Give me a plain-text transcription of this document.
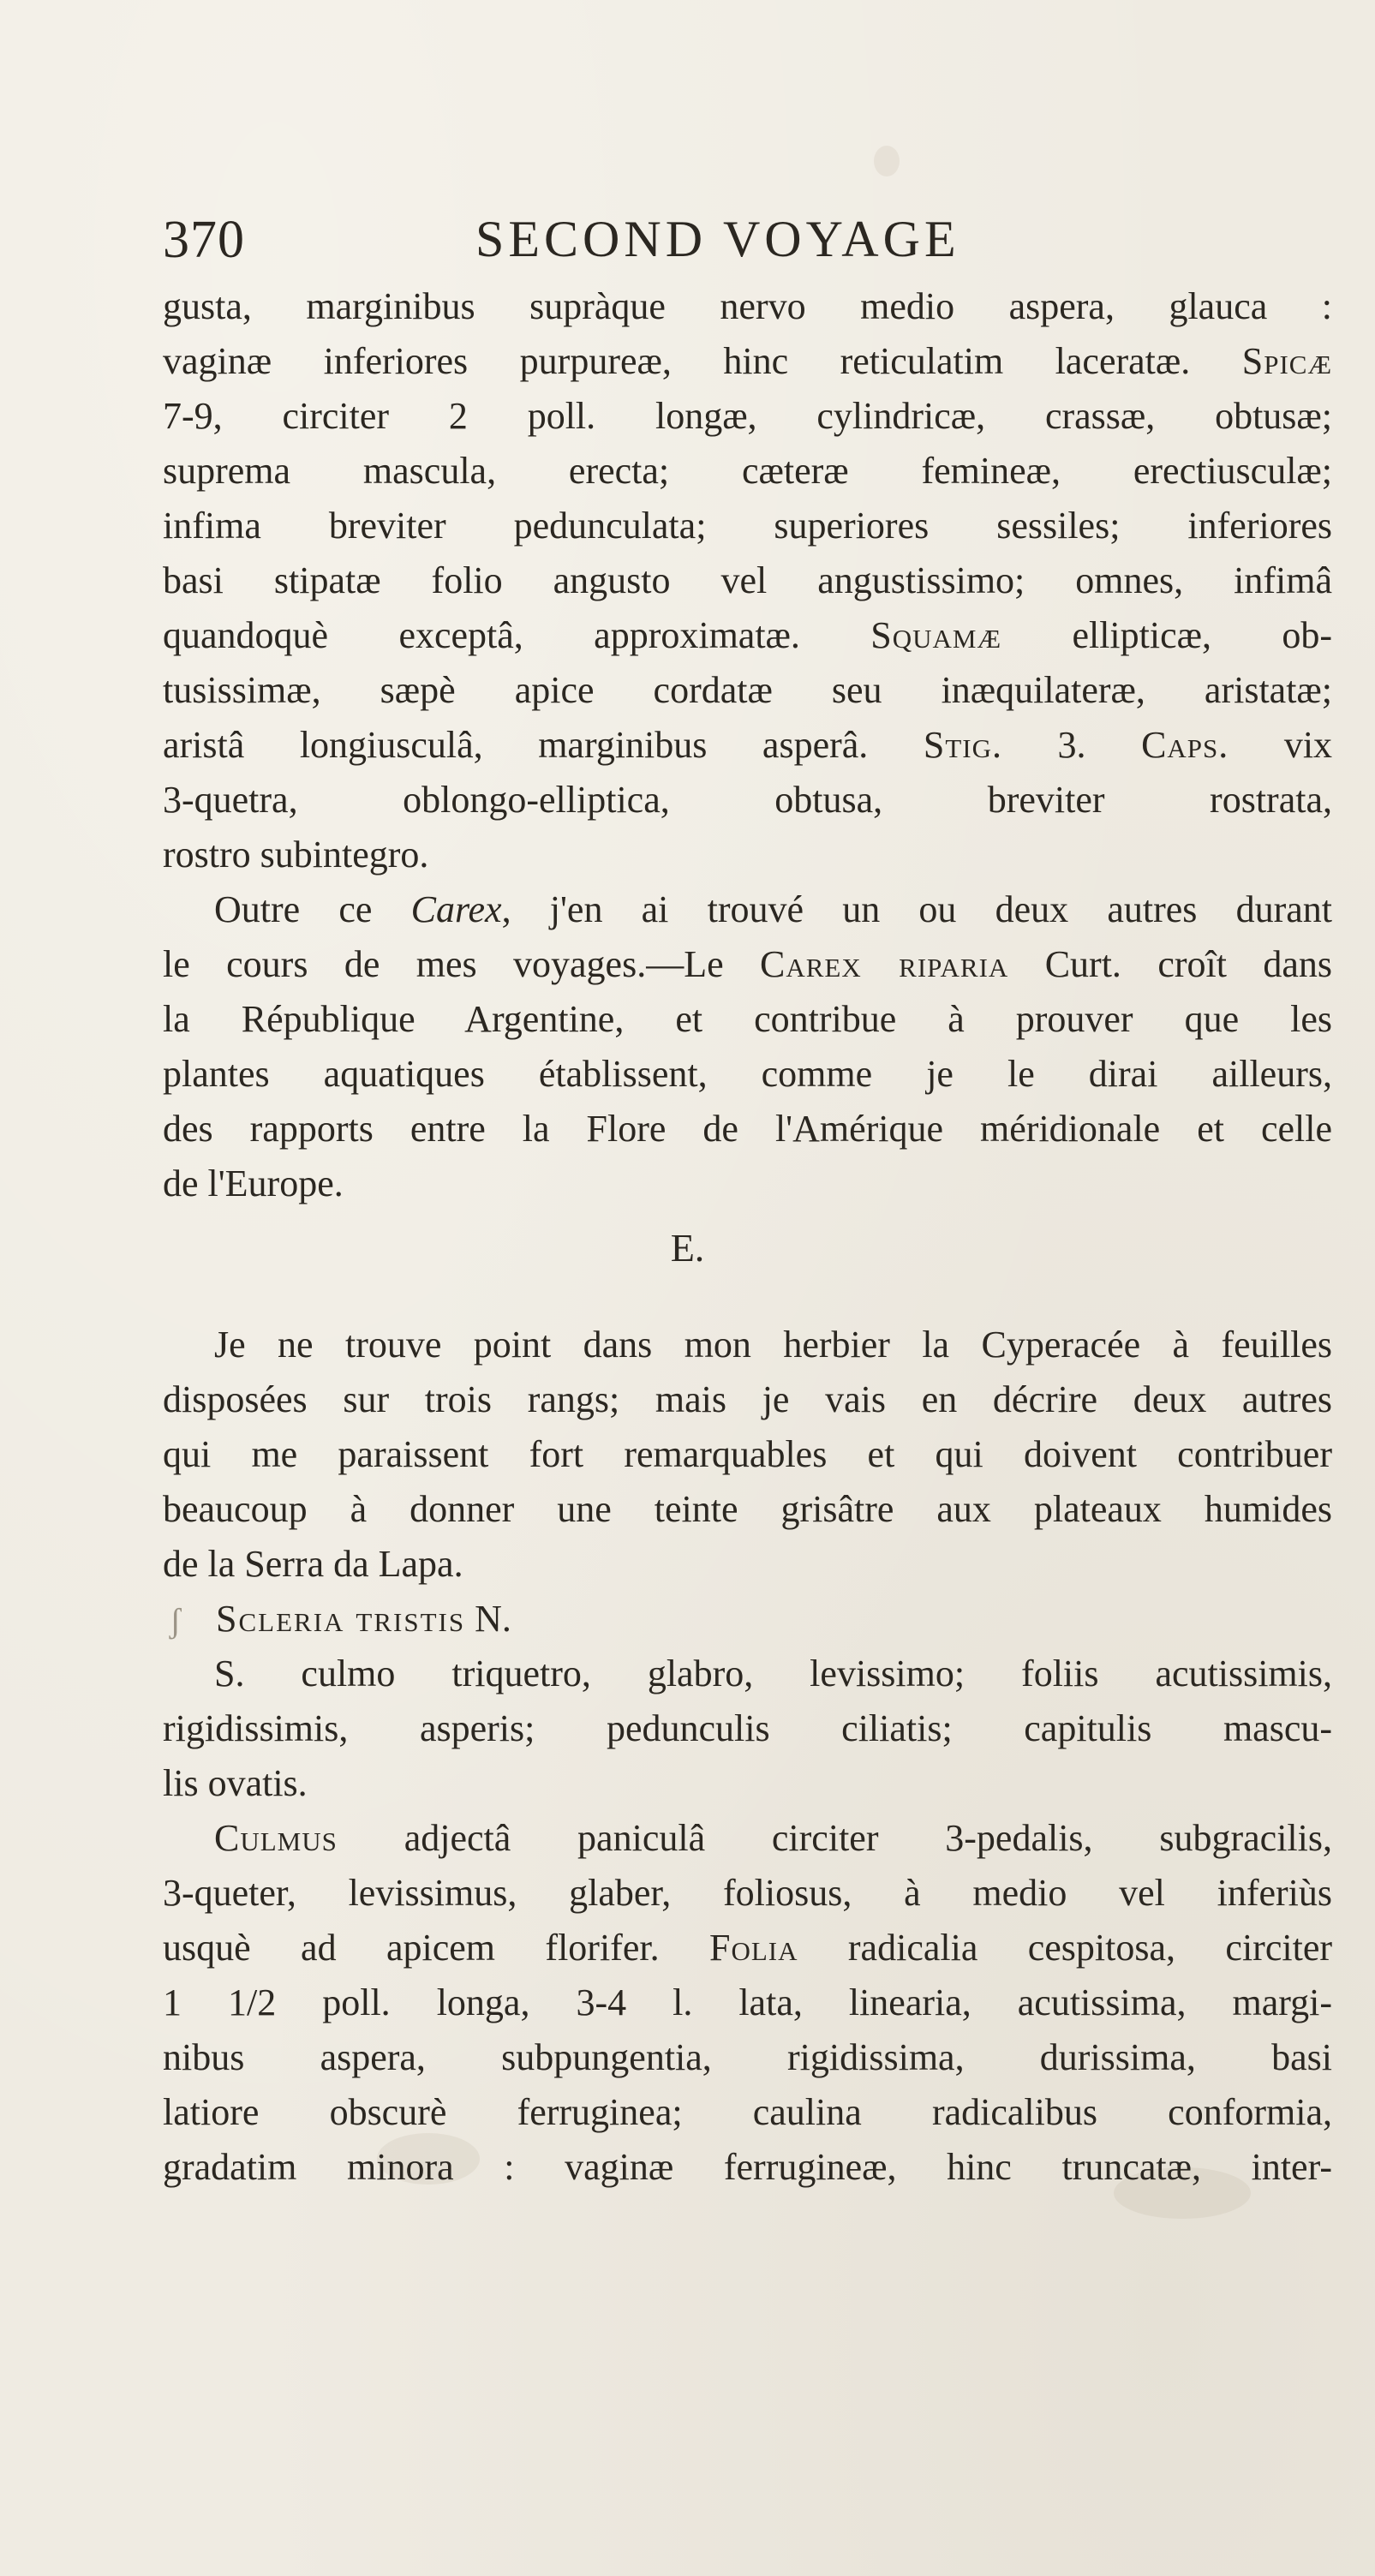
370	SECOND VOYAGE
gusta, marginibus supràque nervo medio aspera, glauca :
vaginæ inferiores purpureæ, hinc reticulatim laceratæ. Spicæ
7-9, circiter 2 poll. longæ, cylindricæ, crassæ, obtusæ;
suprema mascula, erecta; cæteræ femineæ, erectiusculæ;
infima breviter pedunculata; superiores sessiles; inferiores
basi stipatæ folio angusto vel angustissimo; omnes, infimâ
quandoquè exceptâ, approximatæ. Squamæ ellipticæ, ob-
tusissimæ, sæpè apice cordatæ seu inæquilateræ, aristatæ;
aristâ longiusculâ, marginibus asperâ. Stig. 3. Caps. vix
3-quetra, oblongo-elliptica, obtusa, breviter rostrata,
rostro subintegro.
Outre ce Carex, j'en ai trouvé un ou deux autres durant
le cours de mes voyages.—Le Carex riparia Curt. croît dans
la République Argentine, et contribue à prouver que les
plantes aquatiques établissent, comme je le dirai ailleurs,
des rapports entre la Flore de l'Amérique méridionale et celle
de l'Europe.
E.
Je ne trouve point dans mon herbier la Cyperacée à feuilles
disposées sur trois rangs; mais je vais en décrire deux autres
qui me paraissent fort remarquables et qui doivent contribuer
beaucoup à donner une teinte grisâtre aux plateaux humides
de la Serra da Lapa.
ʃ Scleria tristis N.
S. culmo triquetro, glabro, levissimo; foliis acutissimis,
rigidissimis, asperis; pedunculis ciliatis; capitulis mascu-
lis ovatis.
Culmus adjectâ paniculâ circiter 3-pedalis, subgracilis,
3-queter, levissimus, glaber, foliosus, à medio vel inferiùs
usquè ad apicem florifer. Folia radicalia cespitosa, circiter
1 1/2 poll. longa, 3-4 l. lata, linearia, acutissima, margi-
nibus aspera, subpungentia, rigidissima, durissima, basi
latiore obscurè ferruginea; caulina radicalibus conformia,
gradatim minora : vaginæ ferrugineæ, hinc truncatæ, inter-
